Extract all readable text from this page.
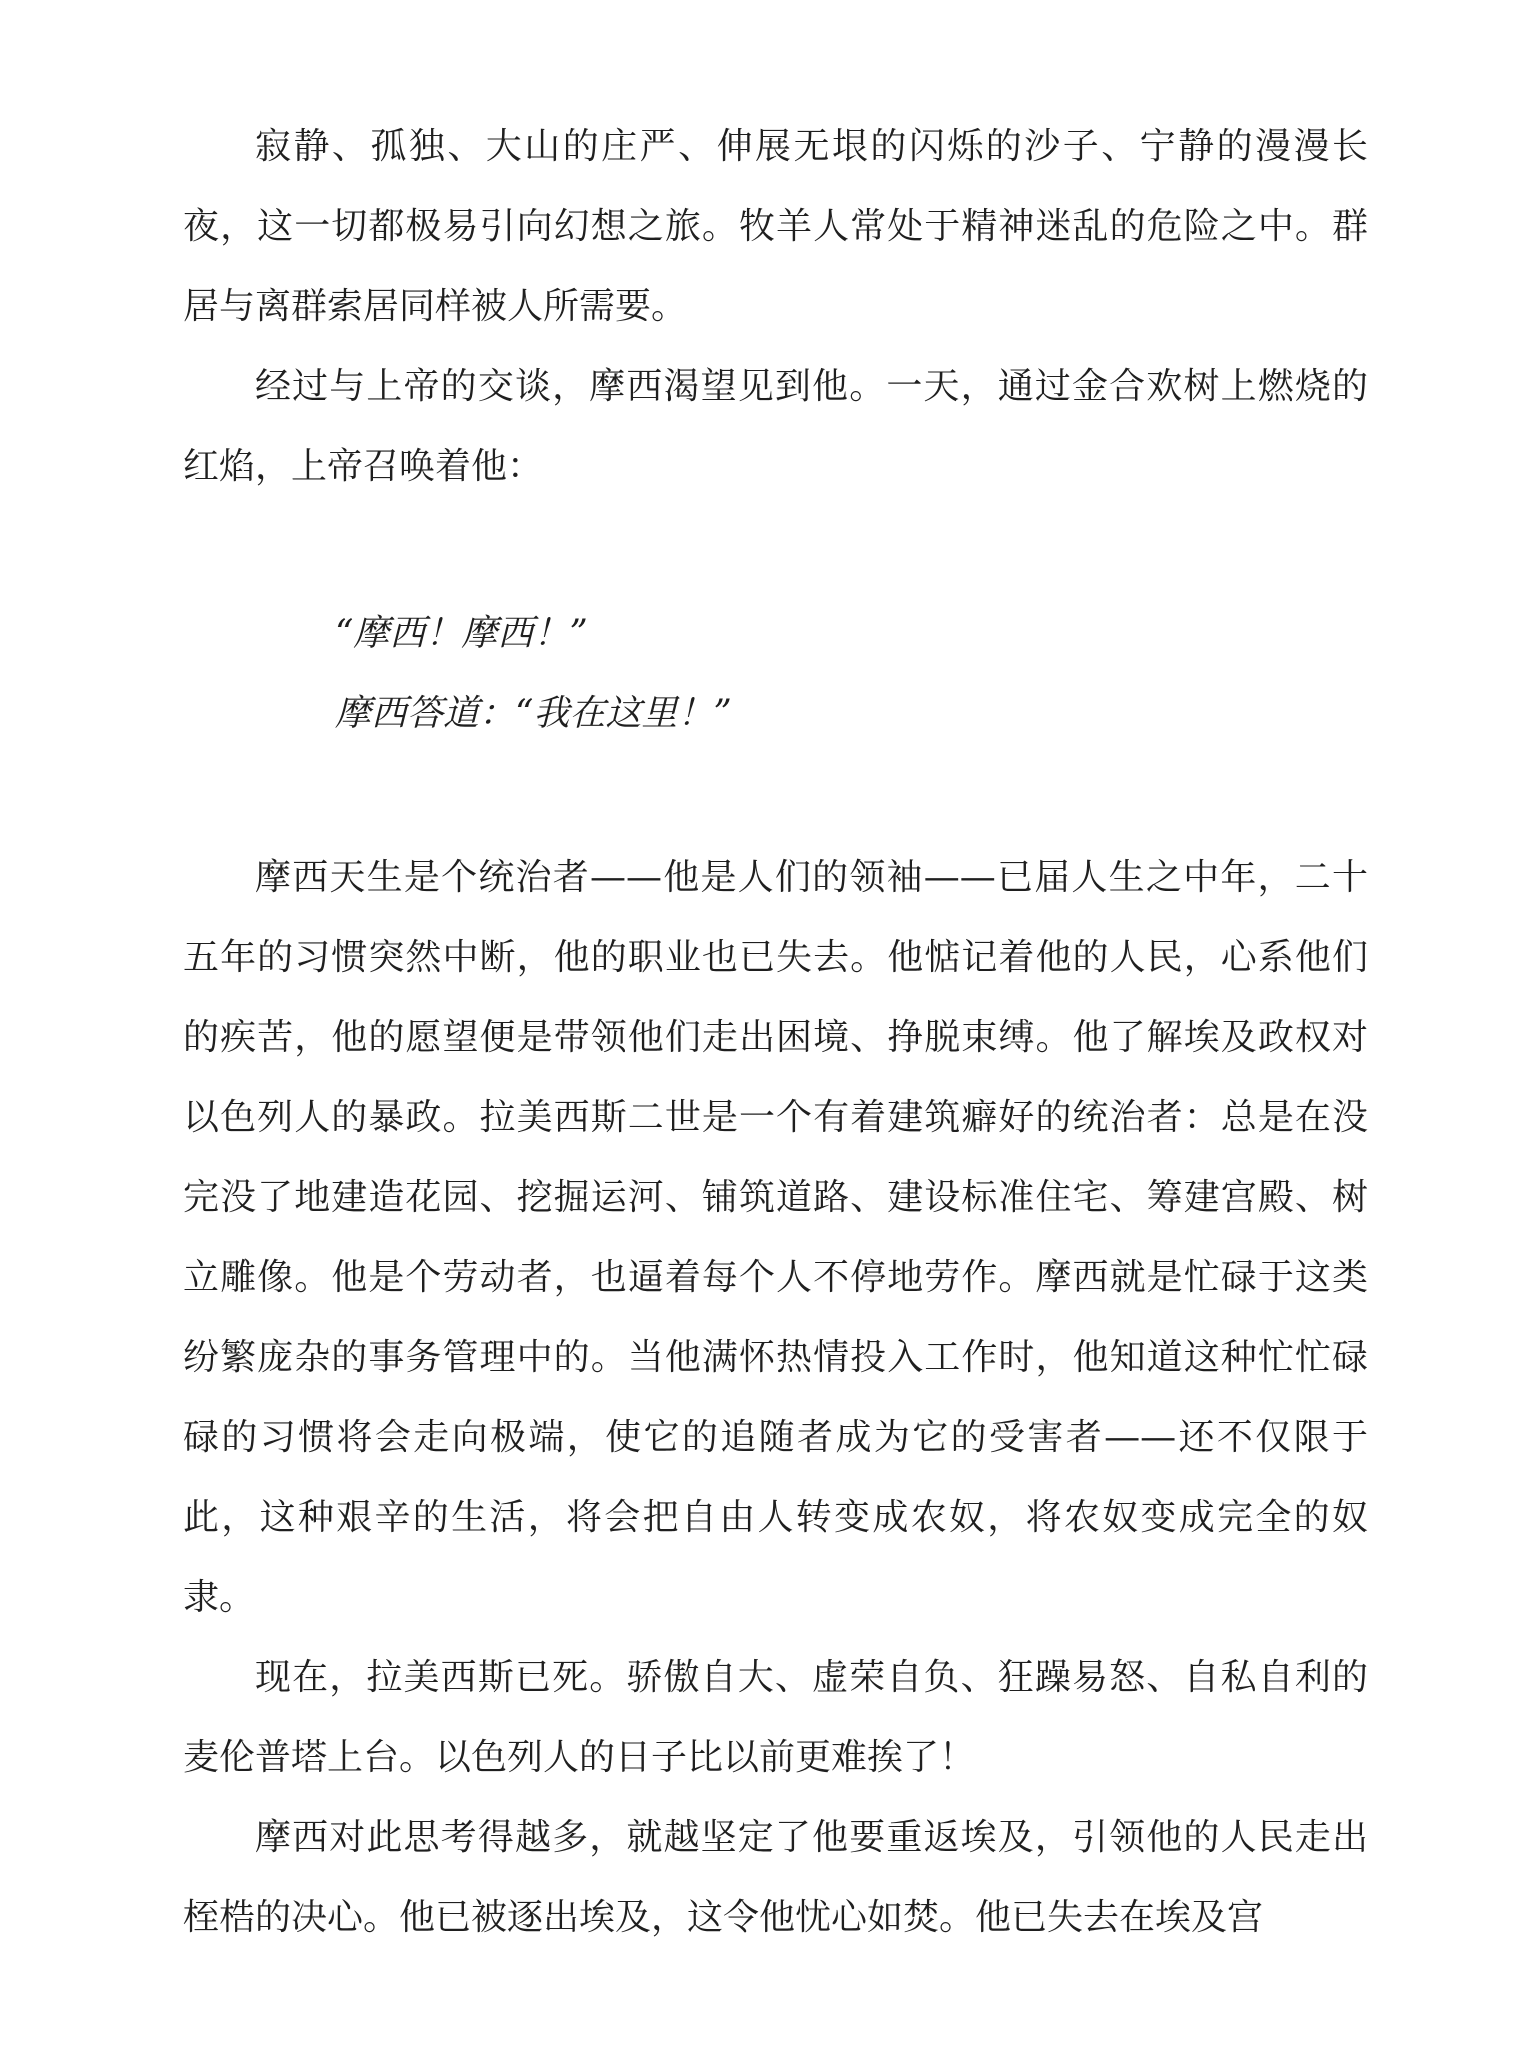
寂静、孤独、大山的庄严、伸展无垠的闪烁的沙子、宁静的漫漫长夜，这一切都极易引向幻想之旅。牧羊人常处于精神迷乱的危险之中。群居与离群索居同样被人所需要。

经过与上帝的交谈，摩西渴望见到他。一天，通过金合欢树上燃烧的红焰，上帝召唤着他：

“摩西！摩西！”

摩西答道：“我在这里！”

摩西天生是个统治者——他是人们的领袖——已届人生之中年，二十五年的习惯突然中断，他的职业也已失去。他惦记着他的人民，心系他们的疾苦，他的愿望便是带领他们走出困境、挣脱束缚。他了解埃及政权对以色列人的暴政。拉美西斯二世是一个有着建筑癖好的统治者：总是在没完没了地建造花园、挖掘运河、铺筑道路、建设标准住宅、筹建宫殿、树立雕像。他是个劳动者，也逼着每个人不停地劳作。摩西就是忙碌于这类纷繁庞杂的事务管理中的。当他满怀热情投入工作时，他知道这种忙忙碌碌的习惯将会走向极端，使它的追随者成为它的受害者——还不仅限于此，这种艰辛的生活，将会把自由人转变成农奴，将农奴变成完全的奴隶。

现在，拉美西斯已死。骄傲自大、虚荣自负、狂躁易怒、自私自利的麦伦普塔上台。以色列人的日子比以前更难挨了！

摩西对此思考得越多，就越坚定了他要重返埃及，引领他的人民走出桎梏的决心。他已被逐出埃及，这令他忧心如焚。他已失去在埃及宫
